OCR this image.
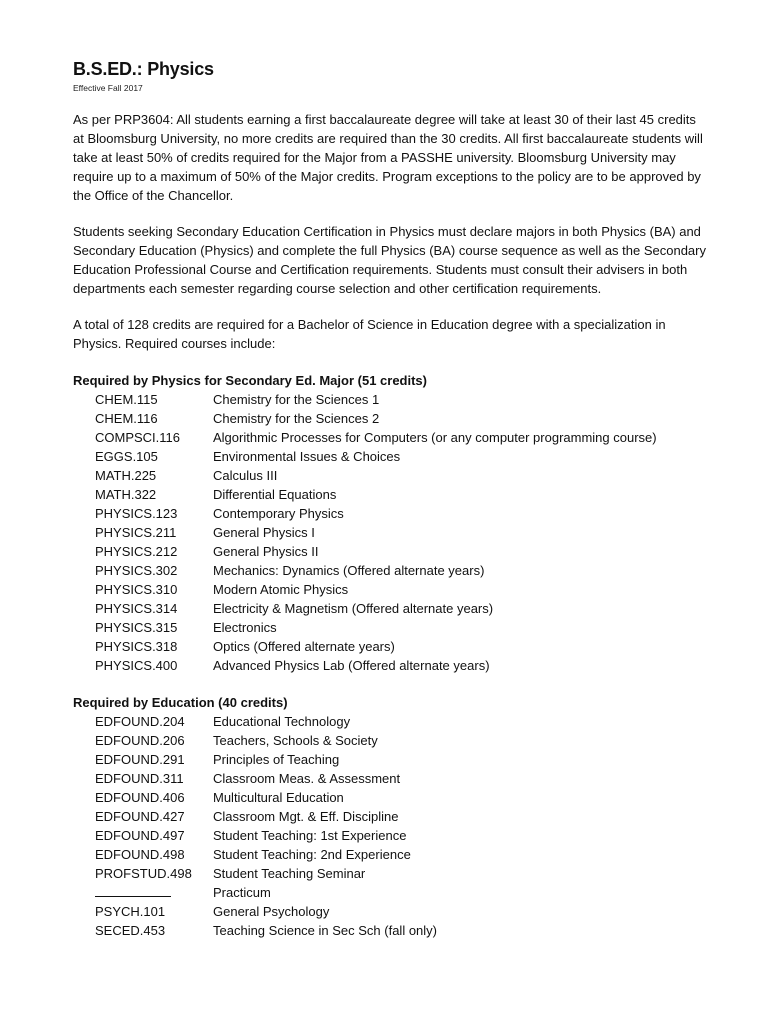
B.S.ED.: Physics

Effective Fall 2017

As per PRP3604: All students earning a first baccalaureate degree will take at least 30 of their last 45 credits at Bloomsburg University, no more credits are required than the 30 credits. All first baccalaureate students will take at least 50% of credits required for the Major from a PASSHE university. Bloomsburg University may require up to a maximum of 50% of the Major credits. Program exceptions to the policy are to be approved by the Office of the Chancellor.

Students seeking Secondary Education Certification in Physics must declare majors in both Physics (BA) and Secondary Education (Physics) and complete the full Physics (BA) course sequence as well as the Secondary Education Professional Course and Certification requirements. Students must consult their advisers in both departments each semester regarding course selection and other certification requirements.

A total of 128 credits are required for a Bachelor of Science in Education degree with a specialization in Physics. Required courses include:

Required by Physics for Secondary Ed. Major (51 credits)

CHEM.115	Chemistry for the Sciences 1
CHEM.116	Chemistry for the Sciences 2
COMPSCI.116	Algorithmic Processes for Computers (or any computer programming course)
EGGS.105	Environmental Issues & Choices
MATH.225	Calculus III
MATH.322	Differential Equations
PHYSICS.123	Contemporary Physics
PHYSICS.211	General Physics I
PHYSICS.212	General Physics II
PHYSICS.302	Mechanics: Dynamics (Offered alternate years)
PHYSICS.310	Modern Atomic Physics
PHYSICS.314	Electricity & Magnetism (Offered alternate years)
PHYSICS.315	Electronics
PHYSICS.318	Optics (Offered alternate years)
PHYSICS.400	Advanced Physics Lab (Offered alternate years)

Required by Education (40 credits)

EDFOUND.204	Educational Technology
EDFOUND.206	Teachers, Schools & Society
EDFOUND.291	Principles of Teaching
EDFOUND.311	Classroom Meas. & Assessment
EDFOUND.406	Multicultural Education
EDFOUND.427	Classroom Mgt. & Eff. Discipline
EDFOUND.497	Student Teaching: 1st Experience
EDFOUND.498	Student Teaching: 2nd Experience
PROFSTUD.498	Student Teaching Seminar
Practicum
PSYCH.101	General Psychology
SECED.453	Teaching Science in Sec Sch (fall only)
